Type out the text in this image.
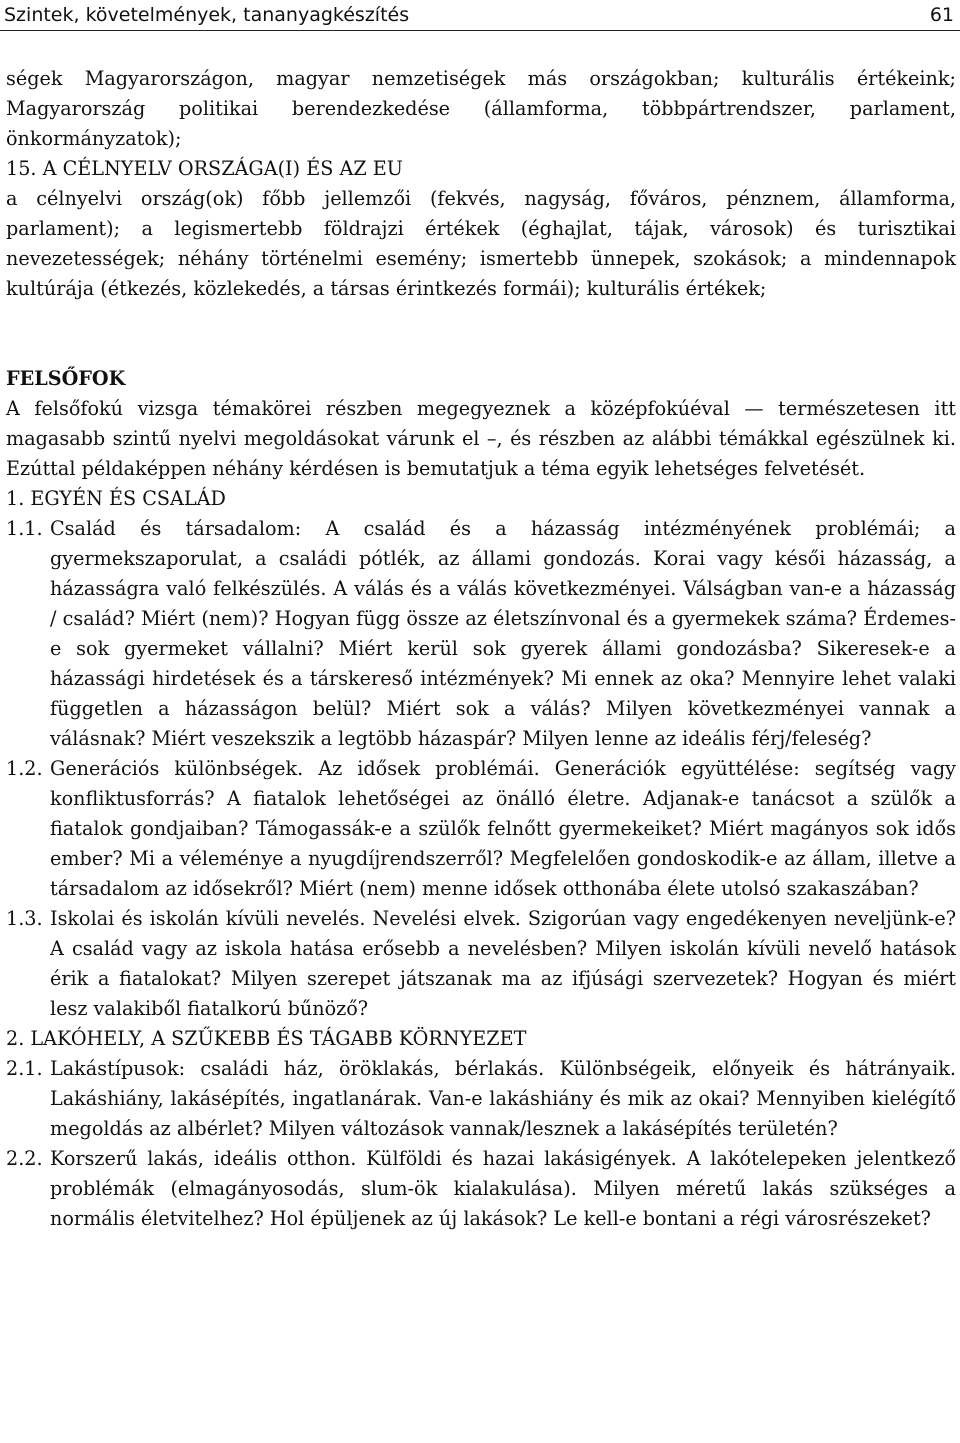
Szintek, követelmények, tananyagkészítés	61

ségek Magyarországon, magyar nemzetiségek más országokban; kulturális értékeink; Magyarország politikai berendezkedése (államforma, többpártrendszer, parlament, önkormányzatok);

15. A CÉLNYELV ORSZÁGA(I) ÉS AZ EU

a célnyelvi ország(ok) főbb jellemzői (fekvés, nagyság, főváros, pénznem, államforma, parlament); a legismertebb földrajzi értékek (éghajlat, tájak, városok) és turisztikai nevezetességek; néhány történelmi esemény; ismertebb ünnepek, szokások; a mindennapok kultúrája (étkezés, közlekedés, a társas érintkezés formái); kulturális értékek;

FELSŐFOK

A felsőfokú vizsga témakörei részben megegyeznek a középfokúéval — természetesen itt magasabb szintű nyelvi megoldásokat várunk el –, és részben az alábbi témákkal egészülnek ki. Ezúttal példaképpen néhány kérdésen is bemutatjuk a téma egyik lehetséges felvetését.

1. EGYÉN ÉS CSALÁD

1.1. Család és társadalom: A család és a házasság intézményének problémái; a gyermekszaporulat, a családi pótlék, az állami gondozás. Korai vagy késői házasság, a házasságra való felkészülés. A válás és a válás következményei. Válságban van-e a házasság / család? Miért (nem)? Hogyan függ össze az életszínvonal és a gyermekek száma? Érdemes-e sok gyermeket vállalni? Miért kerül sok gyerek állami gondozásba? Sikeresek-e a házassági hirdetések és a társkereső intézmények? Mi ennek az oka? Mennyire lehet valaki független a házasságon belül? Miért sok a válás? Milyen következményei vannak a válásnak? Miért veszekszik a legtöbb házaspár? Milyen lenne az ideális férj/feleség?
1.2. Generációs különbségek. Az idősek problémái. Generációk együttélése: segítség vagy konfliktusforrás? A fiatalok lehetőségei az önálló életre. Adjanak-e tanácsot a szülők a fiatalok gondjaiban? Támogassák-e a szülők felnőtt gyermekeiket? Miért magányos sok idős ember? Mi a véleménye a nyugdíjrendszerről? Megfelelően gondoskodik-e az állam, illetve a társadalom az idősekről? Miért (nem) menne idősek otthonába élete utolsó szakaszában?
1.3. Iskolai és iskolán kívüli nevelés. Nevelési elvek. Szigorúan vagy engedékenyen neveljünk-e? A család vagy az iskola hatása erősebb a nevelésben? Milyen iskolán kívüli nevelő hatások érik a fiatalokat? Milyen szerepet játszanak ma az ifjúsági szervezetek? Hogyan és miért lesz valakiből fiatalkorú bűnöző?

2. LAKÓHELY, A SZŰKEBB ÉS TÁGABB KÖRNYEZET

2.1. Lakástípusok: családi ház, öröklakás, bérlakás. Különbségeik, előnyeik és hátrányaik. Lakáshiány, lakásépítés, ingatlanárak. Van-e lakáshiány és mik az okai? Mennyiben kielégítő megoldás az albérlet? Milyen változások vannak/lesznek a lakásépítés területén?
2.2. Korszerű lakás, ideális otthon. Külföldi és hazai lakásigények. A lakótelepeken jelentkező problémák (elmagányosodás, slum-ök kialakulása). Milyen méretű lakás szükséges a normális életvitelhez? Hol épüljenek az új lakások? Le kell-e bontani a régi városrészeket?
